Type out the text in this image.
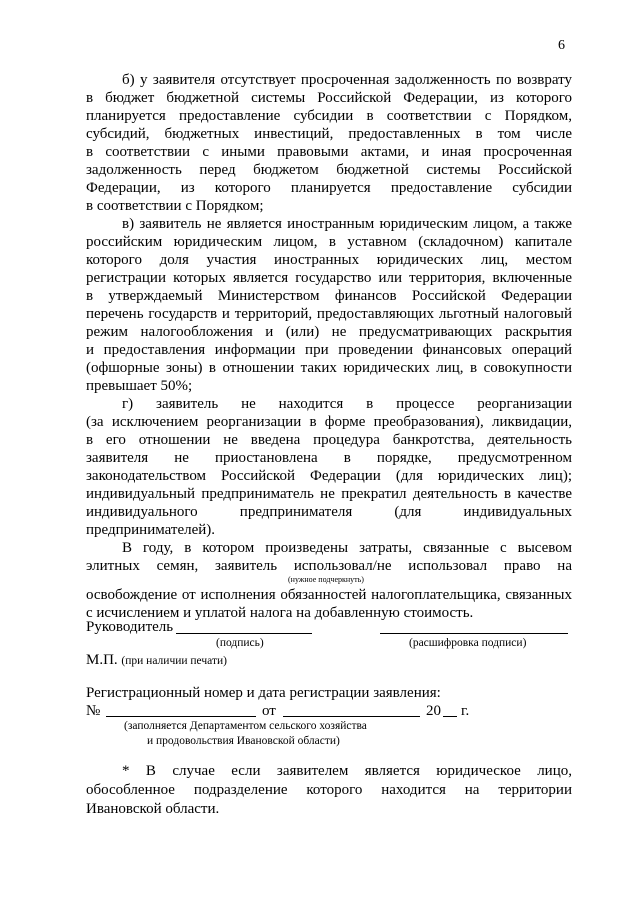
6
б) у заявителя отсутствует просроченная задолженность по возврату
в бюджет бюджетной системы Российской Федерации, из которого
планируется предоставление субсидии в соответствии с Порядком,
субсидий, бюджетных инвестиций, предоставленных в том числе
в соответствии с иными правовыми актами, и иная просроченная
задолженность перед бюджетом бюджетной системы Российской
Федерации, из которого планируется предоставление субсидии
в соответствии с Порядком;
в) заявитель не является иностранным юридическим лицом, а также
российским юридическим лицом, в уставном (складочном) капитале
которого доля участия иностранных юридических лиц, местом
регистрации которых является государство или территория, включенные
в утверждаемый Министерством финансов Российской Федерации
перечень государств и территорий, предоставляющих льготный налоговый
режим налогообложения и (или) не предусматривающих раскрытия
и предоставления информации при проведении финансовых операций
(офшорные зоны) в отношении таких юридических лиц, в совокупности
превышает 50%;
г) заявитель не находится в процессе реорганизации
(за исключением реорганизации в форме преобразования), ликвидации,
в его отношении не введена процедура банкротства, деятельность
заявителя не приостановлена в порядке, предусмотренном
законодательством Российской Федерации (для юридических лиц);
индивидуальный предприниматель не прекратил деятельность в качестве
индивидуального предпринимателя (для индивидуальных
предпринимателей).
В году, в котором произведены затраты, связанные с высевом
элитных семян, заявитель использовал/не использовал право на
(нужное подчеркнуть)
освобождение от исполнения обязанностей налогоплательщика, связанных
с исчислением и уплатой налога на добавленную стоимость.
Руководитель
(подпись)	(расшифровка подписи)
М.П. (при наличии печати)
Регистрационный номер и дата регистрации заявления:
№	от	20 г.
(заполняется Департаментом сельского хозяйства
и продовольствия Ивановской области)
* В случае если заявителем является юридическое лицо,
обособленное подразделение которого находится на территории
Ивановской области.
